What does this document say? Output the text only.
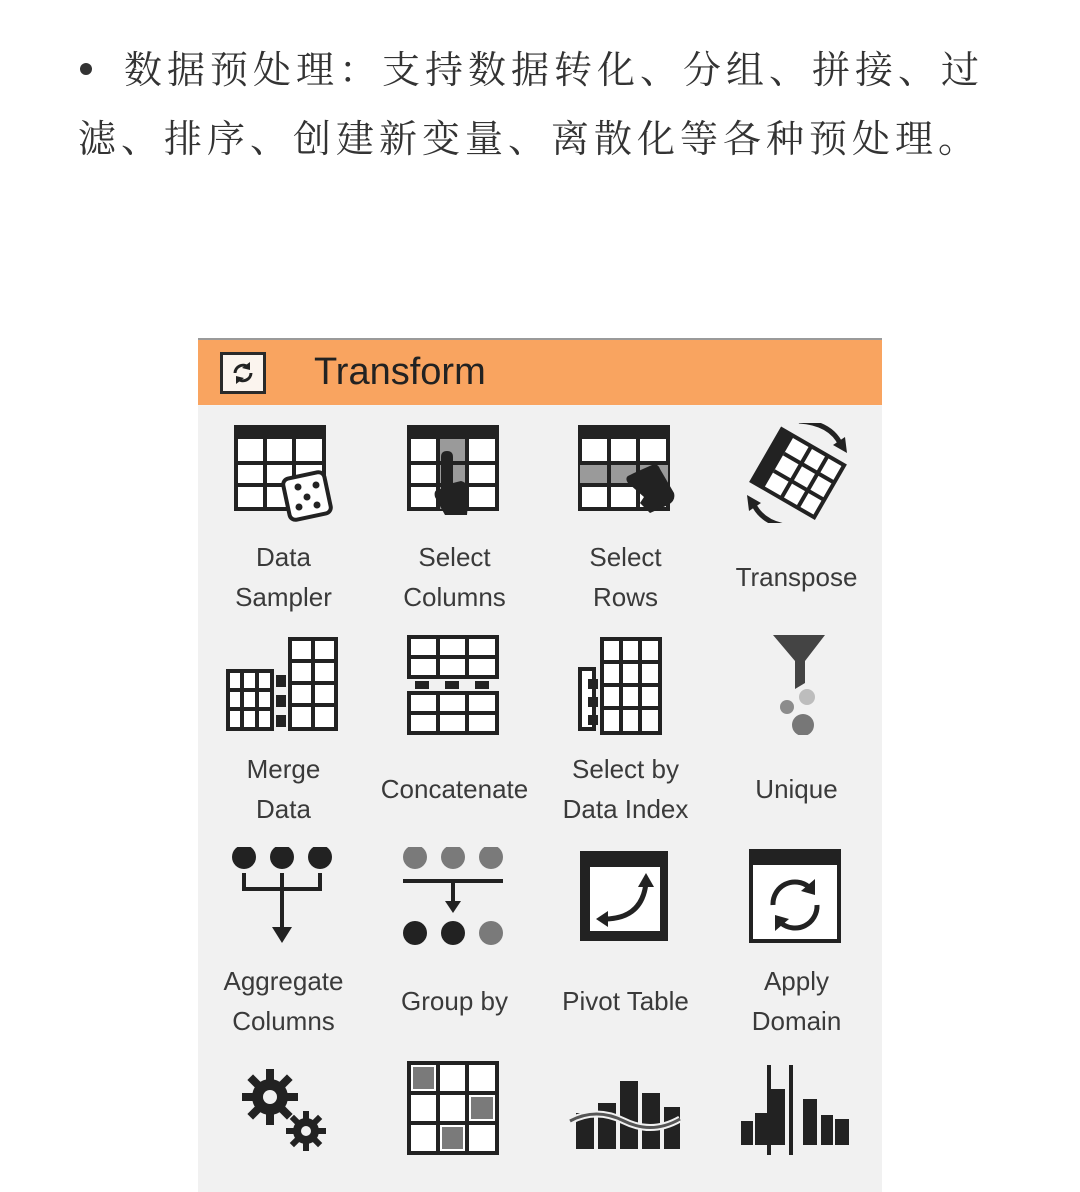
数据预处理：支持数据转化、分组、拼接、过滤、排序、创建新变量、离散化等各种预处理。
Transform
Data
Sampler
Select
Columns
Select
Rows
Transpose
Merge
Data
Concatenate
Select by
Data Index
Unique
Aggregate
Columns
Group by	Pivot Table
Apply
Domain
